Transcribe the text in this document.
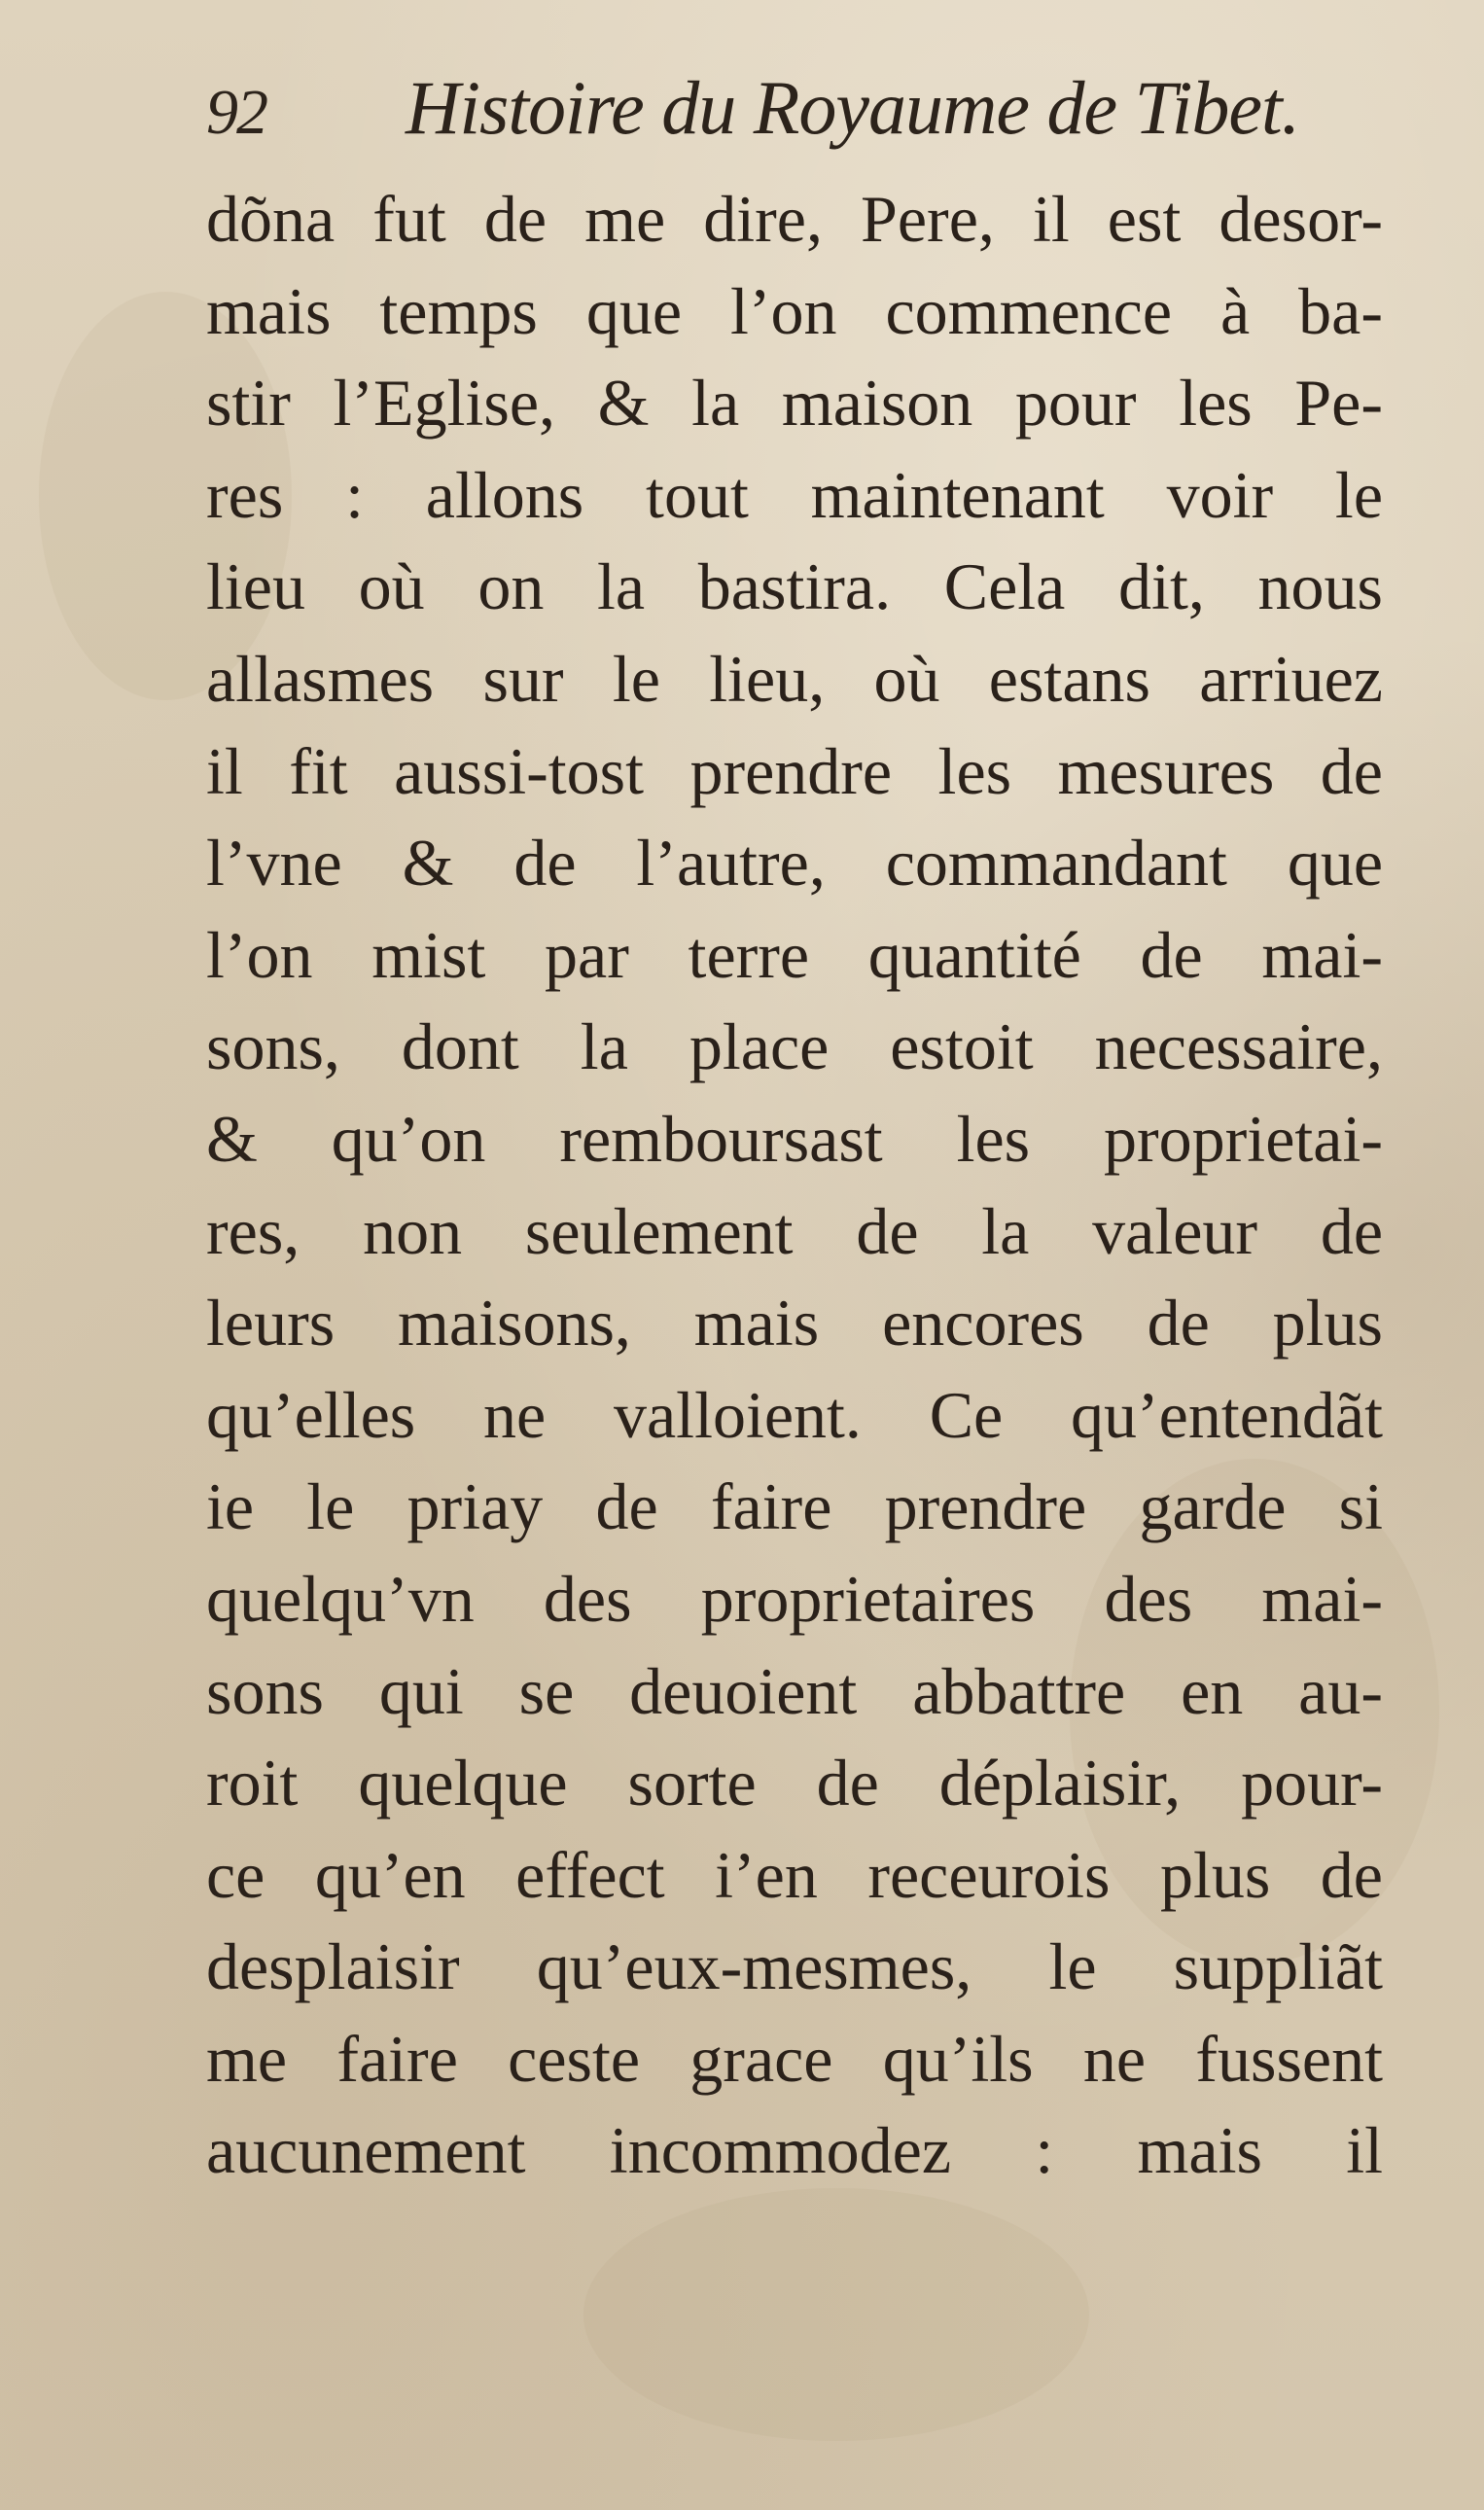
92 Histoire du Royaume de Tibet.
dõna fut de me dire, Pere, il est desor-
mais temps que l’on commence à ba-
stir l’Eglise, & la maison pour les Pe-
res : allons tout maintenant voir le
lieu où on la bastira. Cela dit, nous
allasmes sur le lieu, où estans arriuez
il fit aussi-tost prendre les mesures de
l’vne & de l’autre, commandant que
l’on mist par terre quantité de mai-
sons, dont la place estoit necessaire,
& qu’on remboursast les proprietai-
res, non seulement de la valeur de
leurs maisons, mais encores de plus
qu’elles ne valloient. Ce qu’entendãt
ie le priay de faire prendre garde si
quelqu’vn des proprietaires des mai-
sons qui se deuoient abbattre en au-
roit quelque sorte de déplaisir, pour-
ce qu’en effect i’en receurois plus de
desplaisir qu’eux-mesmes, le suppliãt
me faire ceste grace qu’ils ne fussent
aucunement incommodez : mais il
